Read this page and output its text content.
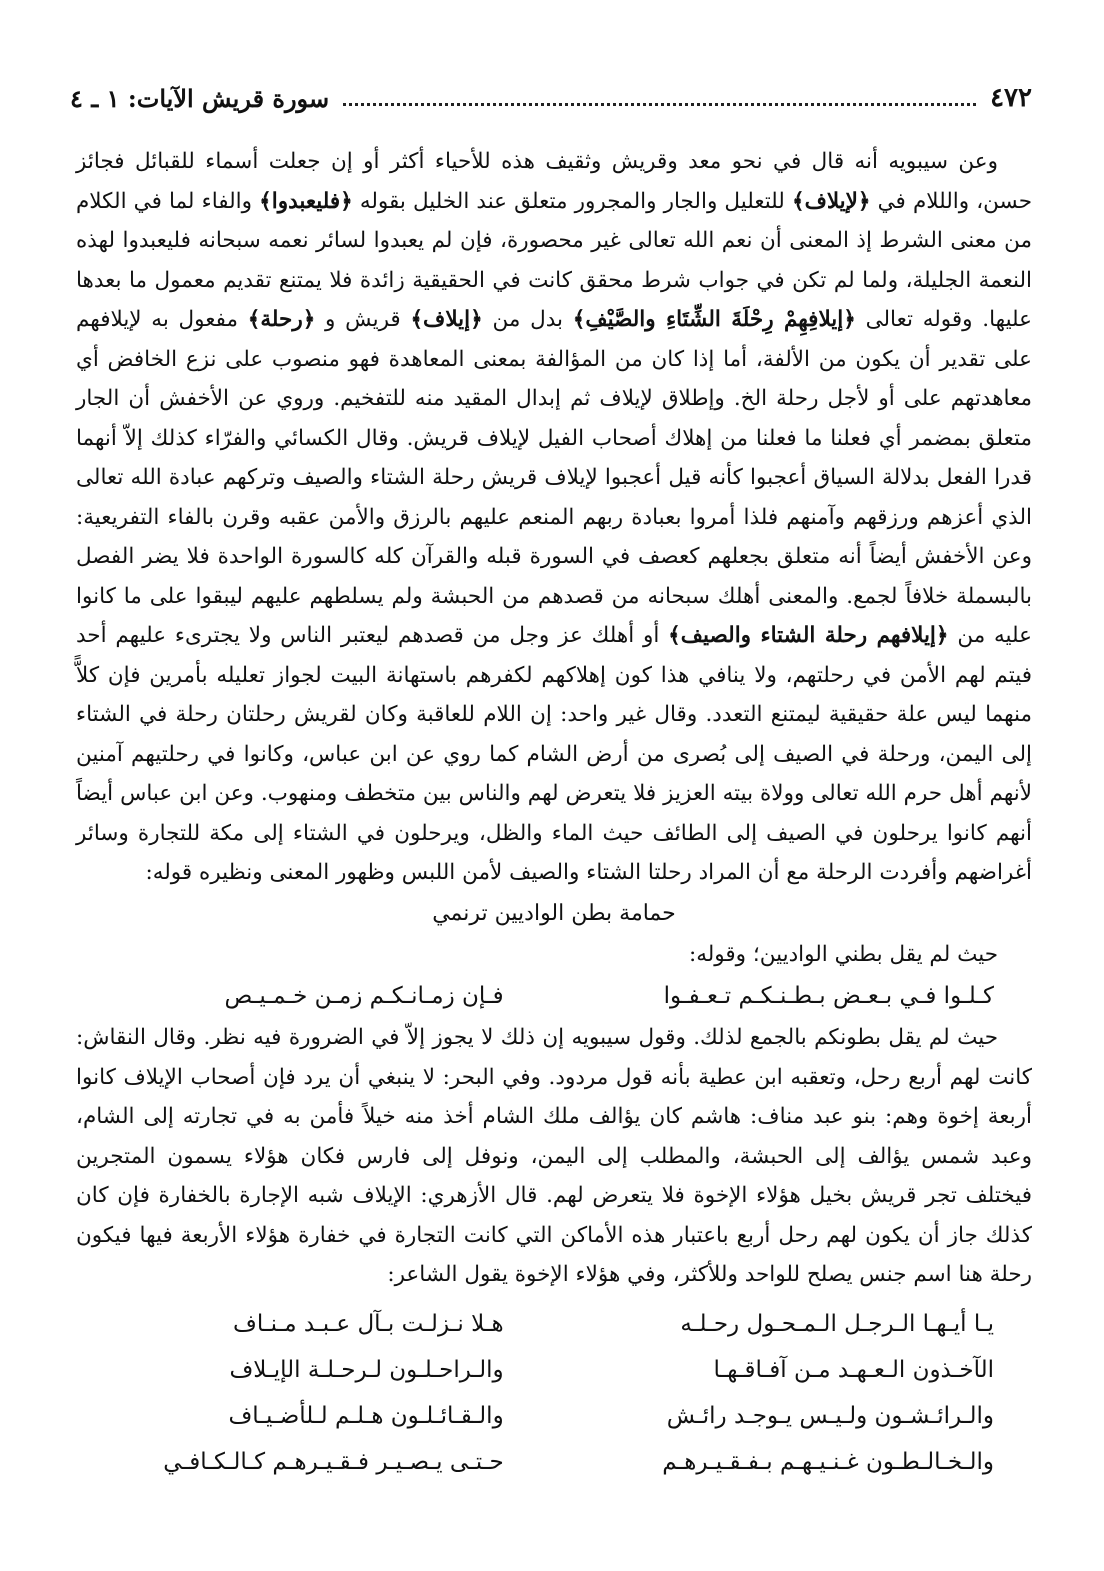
٤٧٢
سورة قريش الآيات: ١ ـ ٤

وعن سيبويه أنه قال في نحو معد وقريش وثقيف هذه للأحياء أكثر أو إن جعلت أسماء للقبائل فجائز حسن، والللام في ﴿لإيلاف﴾ للتعليل والجار والمجرور متعلق عند الخليل بقوله ﴿فليعبدوا﴾ والفاء لما في الكلام من معنى الشرط إذ المعنى أن نعم الله تعالى غير محصورة، فإن لم يعبدوا لسائر نعمه سبحانه فليعبدوا لهذه النعمة الجليلة، ولما لم تكن في جواب شرط محقق كانت في الحقيقية زائدة فلا يمتنع تقديم معمول ما بعدها عليها. وقوله تعالى ﴿إيلافِهِمْ رِحْلَةَ الشِّتَاءِ والصَّيْفِ﴾ بدل من ﴿إيلاف﴾ قريش و ﴿رحلة﴾ مفعول به لإيلافهم على تقدير أن يكون من الألفة، أما إذا كان من المؤالفة بمعنى المعاهدة فهو منصوب على نزع الخافض أي معاهدتهم على أو لأجل رحلة الخ. وإطلاق لإيلاف ثم إبدال المقيد منه للتفخيم. وروي عن الأخفش أن الجار متعلق بمضمر أي فعلنا ما فعلنا من إهلاك أصحاب الفيل لإيلاف قريش. وقال الكسائي والفرّاء كذلك إلاّ أنهما قدرا الفعل بدلالة السياق أعجبوا كأنه قيل أعجبوا لإيلاف قريش رحلة الشتاء والصيف وتركهم عبادة الله تعالى الذي أعزهم ورزقهم وآمنهم فلذا أمروا بعبادة ربهم المنعم عليهم بالرزق والأمن عقبه وقرن بالفاء التفريعية: وعن الأخفش أيضاً أنه متعلق بجعلهم كعصف في السورة قبله والقرآن كله كالسورة الواحدة فلا يضر الفصل بالبسملة خلافاً لجمع. والمعنى أهلك سبحانه من قصدهم من الحبشة ولم يسلطهم عليهم ليبقوا على ما كانوا عليه من ﴿إيلافهم رحلة الشتاء والصيف﴾ أو أهلك عز وجل من قصدهم ليعتبر الناس ولا يجترىء عليهم أحد فيتم لهم الأمن في رحلتهم، ولا ينافي هذا كون إهلاكهم لكفرهم باستهانة البيت لجواز تعليله بأمرين فإن كلاًّ منهما ليس علة حقيقية ليمتنع التعدد. وقال غير واحد: إن اللام للعاقبة وكان لقريش رحلتان رحلة في الشتاء إلى اليمن، ورحلة في الصيف إلى بُصرى من أرض الشام كما روي عن ابن عباس، وكانوا في رحلتيهم آمنين لأنهم أهل حرم الله تعالى وولاة بيته العزيز فلا يتعرض لهم والناس بين متخطف ومنهوب. وعن ابن عباس أيضاً أنهم كانوا يرحلون في الصيف إلى الطائف حيث الماء والظل، ويرحلون في الشتاء إلى مكة للتجارة وسائر أغراضهم وأفردت الرحلة مع أن المراد رحلتا الشتاء والصيف لأمن اللبس وظهور المعنى ونظيره قوله:

حمامة بطن الواديين ترنمي

حيث لم يقل بطني الواديين؛ وقوله:

كـلـوا فـي بـعـض بـطـنـكـم تـعـفـوا
فـإن زمـانـكـم زمـن خـمـيـص

حيث لم يقل بطونكم بالجمع لذلك. وقول سيبويه إن ذلك لا يجوز إلاّ في الضرورة فيه نظر. وقال النقاش: كانت لهم أربع رحل، وتعقبه ابن عطية بأنه قول مردود. وفي البحر: لا ينبغي أن يرد فإن أصحاب الإيلاف كانوا أربعة إخوة وهم: بنو عبد مناف: هاشم كان يؤالف ملك الشام أخذ منه خيلاً فأمن به في تجارته إلى الشام، وعبد شمس يؤالف إلى الحبشة، والمطلب إلى اليمن، ونوفل إلى فارس فكان هؤلاء يسمون المتجرين فيختلف تجر قريش بخيل هؤلاء الإخوة فلا يتعرض لهم. قال الأزهري: الإيلاف شبه الإجارة بالخفارة فإن كان كذلك جاز أن يكون لهم رحل أربع باعتبار هذه الأماكن التي كانت التجارة في خفارة هؤلاء الأربعة فيها فيكون رحلة هنا اسم جنس يصلح للواحد وللأكثر، وفي هؤلاء الإخوة يقول الشاعر:

يـا أيـهـا الـرجـل الـمـحـول رحـلـه
هـلا نـزلـت بـآل عـبـد مـنـاف
الآخـذون الـعـهـد مـن آفـاقـهـا
والـراحـلـون لـرحـلـة الإيـلاف
والـرائـشـون ولـيـس يـوجـد رائـش
والـقـائـلـون هـلـم لـلأضـيـاف
والـخـالـطـون غـنـيـهـم بـفـقـيـرهـم
حـتـى يـصـيـر فـقـيـرهـم كـالـكـافـي
